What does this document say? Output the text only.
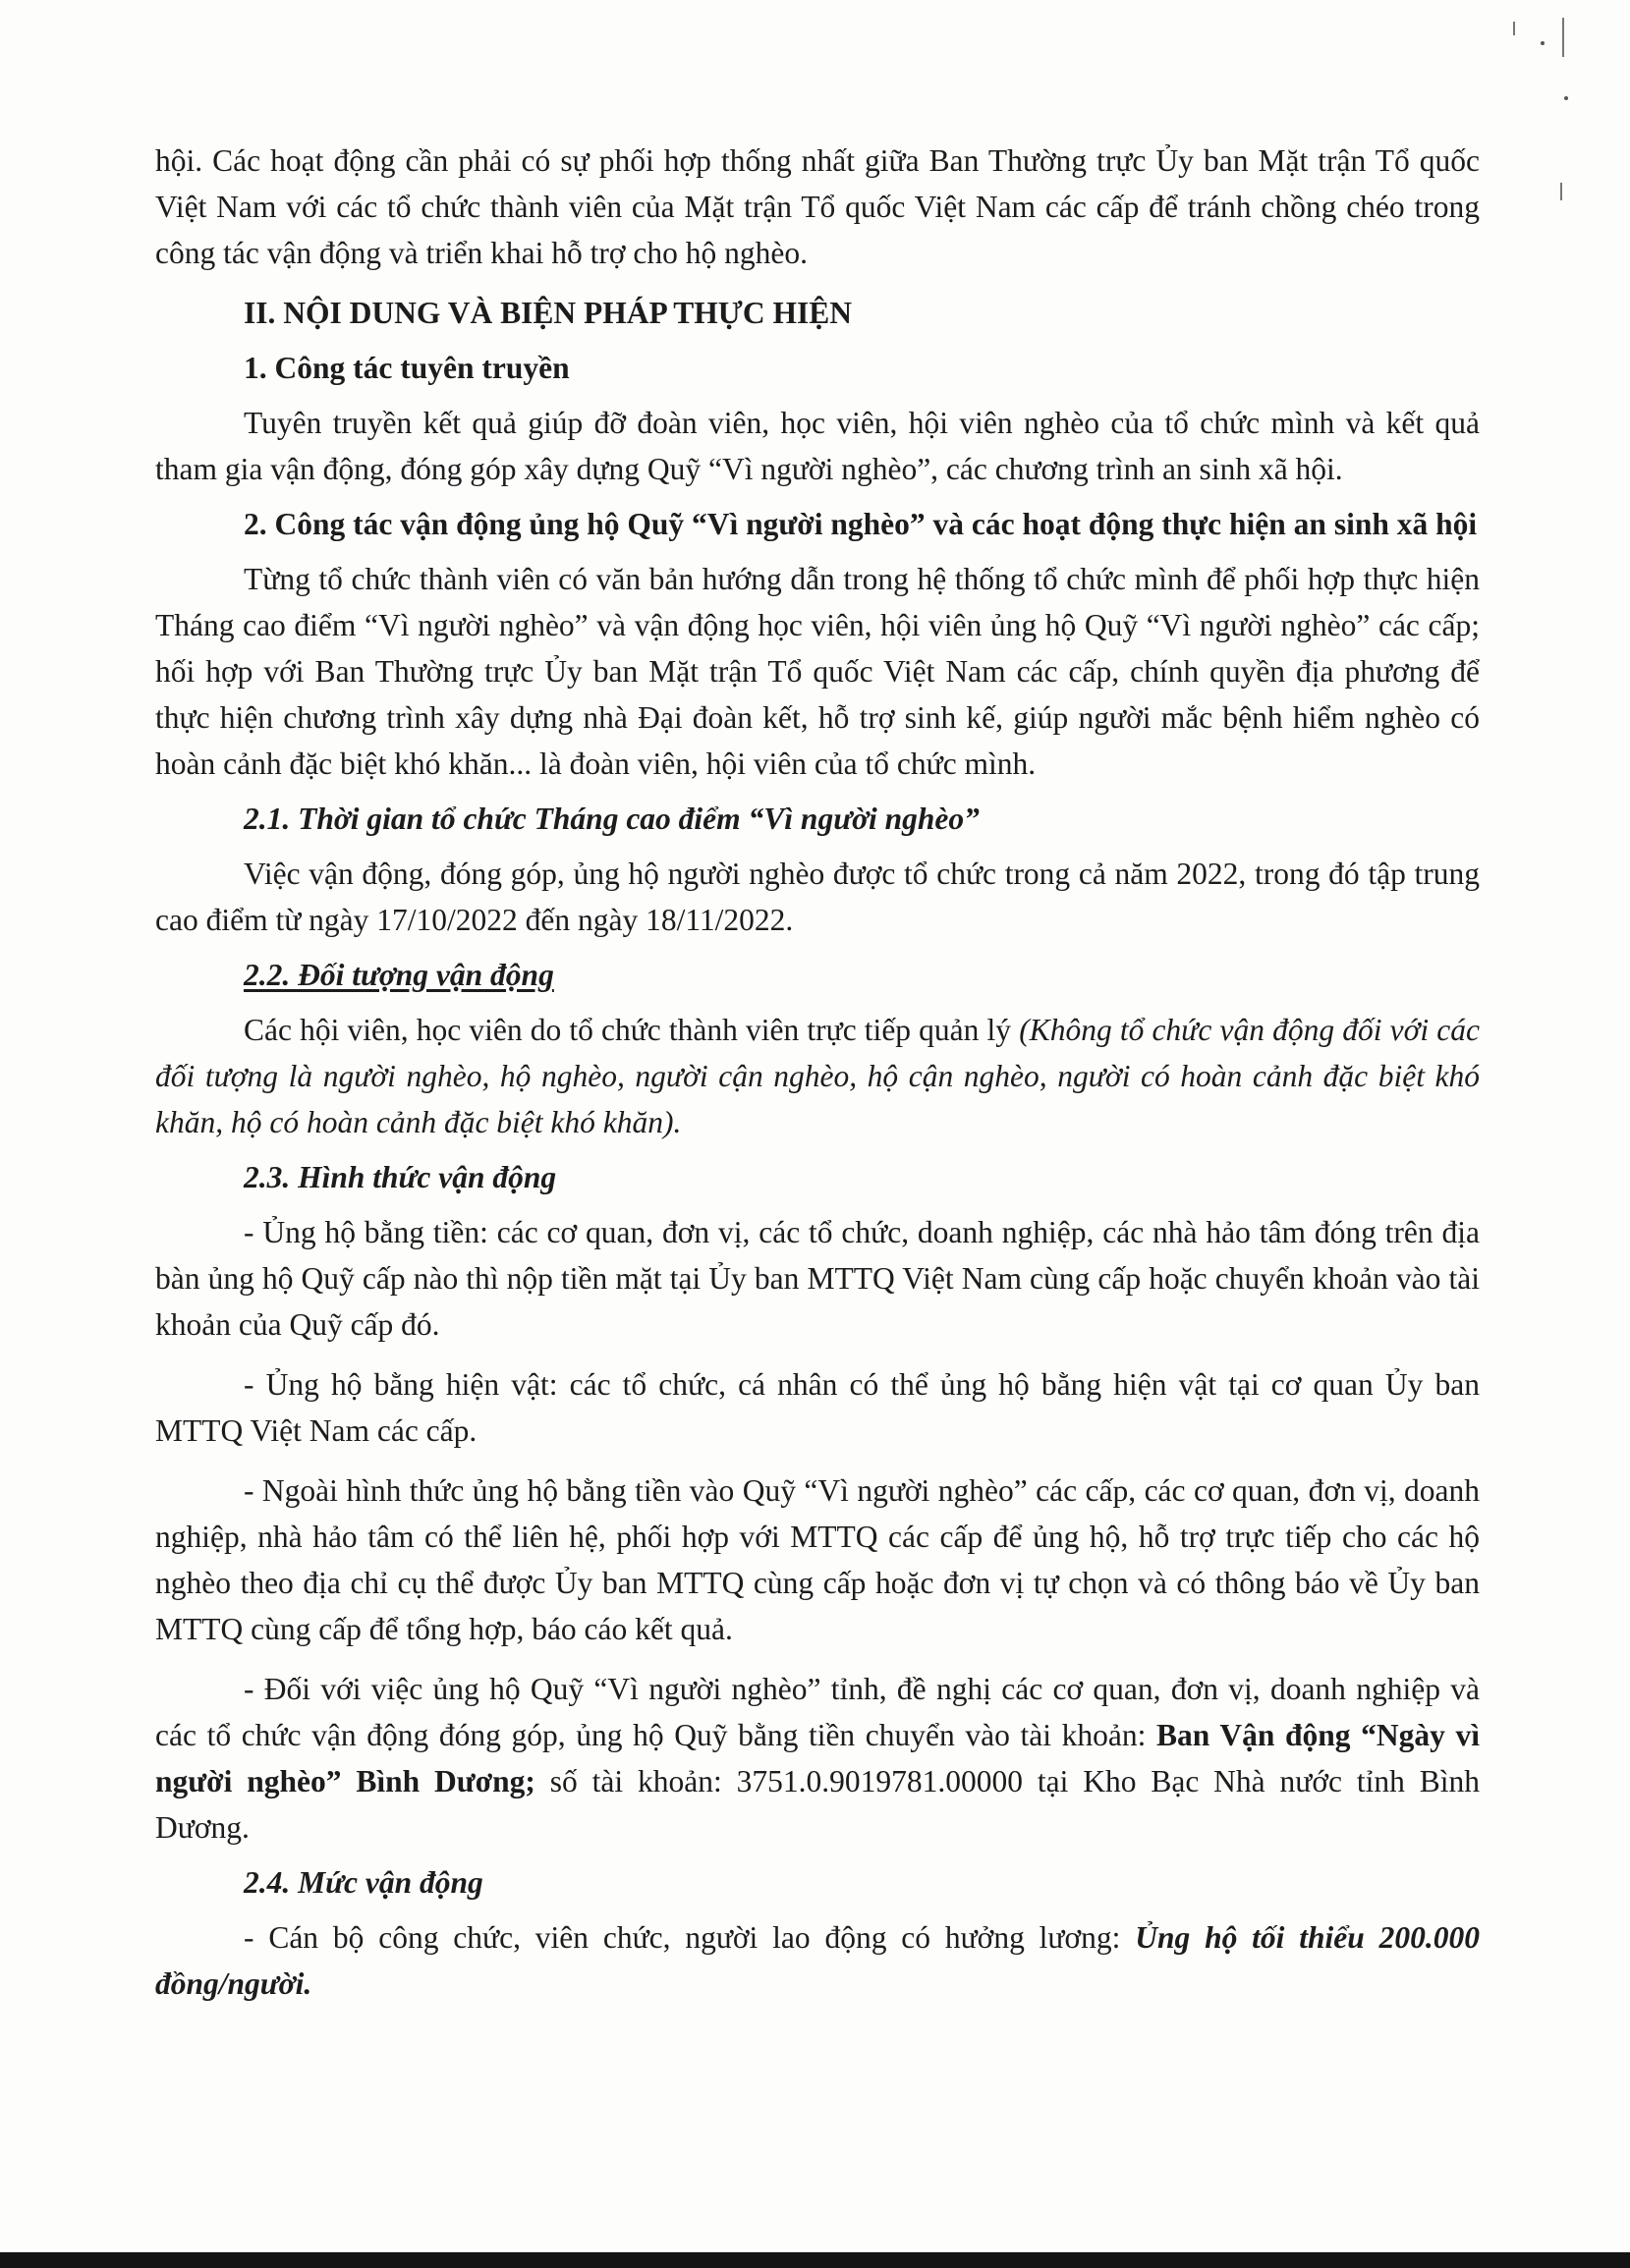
hội. Các hoạt động cần phải có sự phối hợp thống nhất giữa Ban Thường trực Ủy ban Mặt trận Tổ quốc Việt Nam với các tổ chức thành viên của Mặt trận Tổ quốc Việt Nam các cấp để tránh chồng chéo trong công tác vận động và triển khai hỗ trợ cho hộ nghèo.

II. NỘI DUNG VÀ BIỆN PHÁP THỰC HIỆN

1. Công tác tuyên truyền

Tuyên truyền kết quả giúp đỡ đoàn viên, học viên, hội viên nghèo của tổ chức mình và kết quả tham gia vận động, đóng góp xây dựng Quỹ “Vì người nghèo”, các chương trình an sinh xã hội.

2. Công tác vận động ủng hộ Quỹ “Vì người nghèo” và các hoạt động thực hiện an sinh xã hội

Từng tổ chức thành viên có văn bản hướng dẫn trong hệ thống tổ chức mình để phối hợp thực hiện Tháng cao điểm “Vì người nghèo” và vận động học viên, hội viên ủng hộ Quỹ “Vì người nghèo” các cấp; hối hợp với Ban Thường trực Ủy ban Mặt trận Tổ quốc Việt Nam các cấp, chính quyền địa phương để thực hiện chương trình xây dựng nhà Đại đoàn kết, hỗ trợ sinh kế, giúp người mắc bệnh hiểm nghèo có hoàn cảnh đặc biệt khó khăn... là đoàn viên, hội viên của tổ chức mình.

2.1. Thời gian tổ chức Tháng cao điểm “Vì người nghèo”

Việc vận động, đóng góp, ủng hộ người nghèo được tổ chức trong cả năm 2022, trong đó tập trung cao điểm từ ngày 17/10/2022 đến ngày 18/11/2022.

2.2. Đối tượng vận động

Các hội viên, học viên do tổ chức thành viên trực tiếp quản lý (Không tổ chức vận động đối với các đối tượng là người nghèo, hộ nghèo, người cận nghèo, hộ cận nghèo, người có hoàn cảnh đặc biệt khó khăn, hộ có hoàn cảnh đặc biệt khó khăn).

2.3. Hình thức vận động

- Ủng hộ bằng tiền: các cơ quan, đơn vị, các tổ chức, doanh nghiệp, các nhà hảo tâm đóng trên địa bàn ủng hộ Quỹ cấp nào thì nộp tiền mặt tại Ủy ban MTTQ Việt Nam cùng cấp hoặc chuyển khoản vào tài khoản của Quỹ cấp đó.

- Ủng hộ bằng hiện vật: các tổ chức, cá nhân có thể ủng hộ bằng hiện vật tại cơ quan Ủy ban MTTQ Việt Nam các cấp.

- Ngoài hình thức ủng hộ bằng tiền vào Quỹ “Vì người nghèo” các cấp, các cơ quan, đơn vị, doanh nghiệp, nhà hảo tâm có thể liên hệ, phối hợp với MTTQ các cấp để ủng hộ, hỗ trợ trực tiếp cho các hộ nghèo theo địa chỉ cụ thể được Ủy ban MTTQ cùng cấp hoặc đơn vị tự chọn và có thông báo về Ủy ban MTTQ cùng cấp để tổng hợp, báo cáo kết quả.

- Đối với việc ủng hộ Quỹ “Vì người nghèo” tỉnh, đề nghị các cơ quan, đơn vị, doanh nghiệp và các tổ chức vận động đóng góp, ủng hộ Quỹ bằng tiền chuyển vào tài khoản: Ban Vận động “Ngày vì người nghèo” Bình Dương; số tài khoản: 3751.0.9019781.00000 tại Kho Bạc Nhà nước tỉnh Bình Dương.

2.4. Mức vận động

- Cán bộ công chức, viên chức, người lao động có hưởng lương: Ủng hộ tối thiểu 200.000 đồng/người.
